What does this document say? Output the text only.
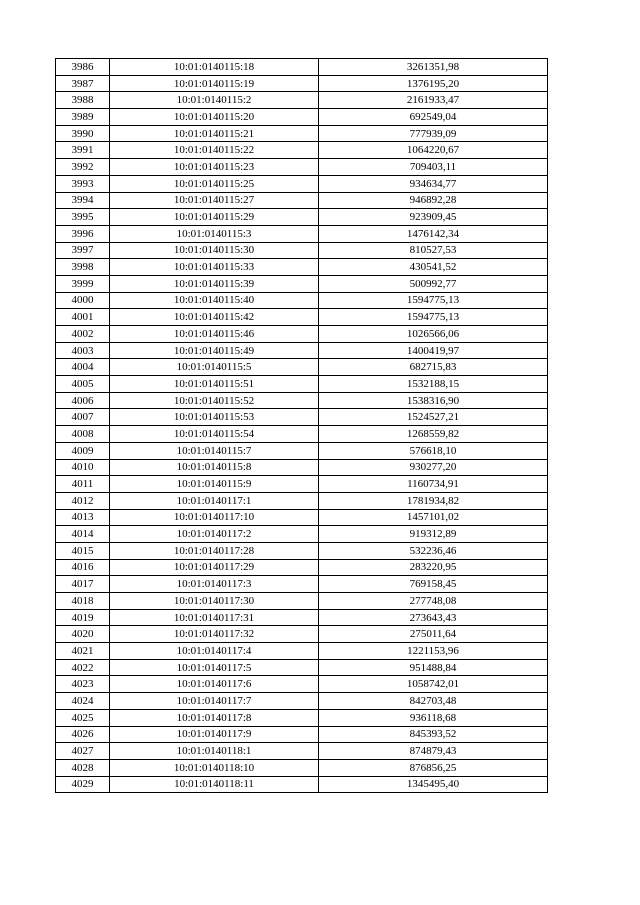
3986	10:01:0140115:18	3261351,98
3987	10:01:0140115:19	1376195,20
3988	10:01:0140115:2	2161933,47
3989	10:01:0140115:20	692549,04
3990	10:01:0140115:21	777939,09
3991	10:01:0140115:22	1064220,67
3992	10:01:0140115:23	709403,11
3993	10:01:0140115:25	934634,77
3994	10:01:0140115:27	946892,28
3995	10:01:0140115:29	923909,45
3996	10:01:0140115:3	1476142,34
3997	10:01:0140115:30	810527,53
3998	10:01:0140115:33	430541,52
3999	10:01:0140115:39	500992,77
4000	10:01:0140115:40	1594775,13
4001	10:01:0140115:42	1594775,13
4002	10:01:0140115:46	1026566,06
4003	10:01:0140115:49	1400419,97
4004	10:01:0140115:5	682715,83
4005	10:01:0140115:51	1532188,15
4006	10:01:0140115:52	1538316,90
4007	10:01:0140115:53	1524527,21
4008	10:01:0140115:54	1268559,82
4009	10:01:0140115:7	576618,10
4010	10:01:0140115:8	930277,20
4011	10:01:0140115:9	1160734,91
4012	10:01:0140117:1	1781934,82
4013	10:01:0140117:10	1457101,02
4014	10:01:0140117:2	919312,89
4015	10:01:0140117:28	532236,46
4016	10:01:0140117:29	283220,95
4017	10:01:0140117:3	769158,45
4018	10:01:0140117:30	277748,08
4019	10:01:0140117:31	273643,43
4020	10:01:0140117:32	275011,64
4021	10:01:0140117:4	1221153,96
4022	10:01:0140117:5	951488,84
4023	10:01:0140117:6	1058742,01
4024	10:01:0140117:7	842703,48
4025	10:01:0140117:8	936118,68
4026	10:01:0140117:9	845393,52
4027	10:01:0140118:1	874879,43
4028	10:01:0140118:10	876856,25
4029	10:01:0140118:11	1345495,40
